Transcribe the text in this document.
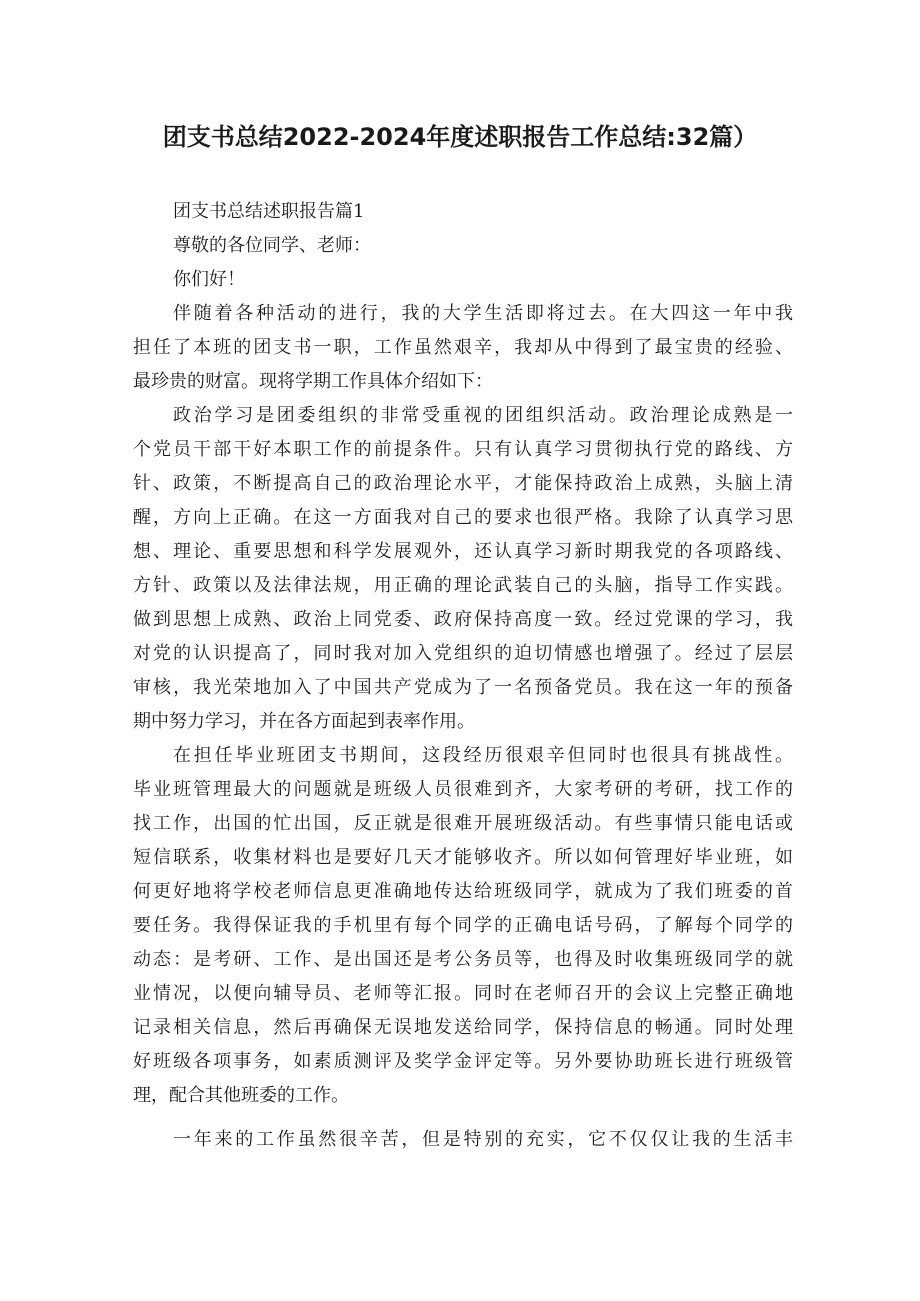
团支书总结2022-2024年度述职报告工作总结:32篇）
团支书总结述职报告篇1
尊敬的各位同学、老师：
你们好！
伴随着各种活动的进行，我的大学生活即将过去。在大四这一年中我
担任了本班的团支书一职，工作虽然艰辛，我却从中得到了最宝贵的经验、
最珍贵的财富。现将学期工作具体介绍如下：
政治学习是团委组织的非常受重视的团组织活动。政治理论成熟是一
个党员干部干好本职工作的前提条件。只有认真学习贯彻执行党的路线、方
针、政策，不断提高自己的政治理论水平，才能保持政治上成熟，头脑上清
醒，方向上正确。在这一方面我对自己的要求也很严格。我除了认真学习思
想、理论、重要思想和科学发展观外，还认真学习新时期我党的各项路线、
方针、政策以及法律法规，用正确的理论武装自己的头脑，指导工作实践。
做到思想上成熟、政治上同党委、政府保持高度一致。经过党课的学习，我
对党的认识提高了，同时我对加入党组织的迫切情感也增强了。经过了层层
审核，我光荣地加入了中国共产党成为了一名预备党员。我在这一年的预备
期中努力学习，并在各方面起到表率作用。
在担任毕业班团支书期间，这段经历很艰辛但同时也很具有挑战性。
毕业班管理最大的问题就是班级人员很难到齐，大家考研的考研，找工作的
找工作，出国的忙出国，反正就是很难开展班级活动。有些事情只能电话或
短信联系，收集材料也是要好几天才能够收齐。所以如何管理好毕业班，如
何更好地将学校老师信息更准确地传达给班级同学，就成为了我们班委的首
要任务。我得保证我的手机里有每个同学的正确电话号码，了解每个同学的
动态：是考研、工作、是出国还是考公务员等，也得及时收集班级同学的就
业情况，以便向辅导员、老师等汇报。同时在老师召开的会议上完整正确地
记录相关信息，然后再确保无误地发送给同学，保持信息的畅通。同时处理
好班级各项事务，如素质测评及奖学金评定等。另外要协助班长进行班级管
理，配合其他班委的工作。
一年来的工作虽然很辛苦，但是特别的充实，它不仅仅让我的生活丰
